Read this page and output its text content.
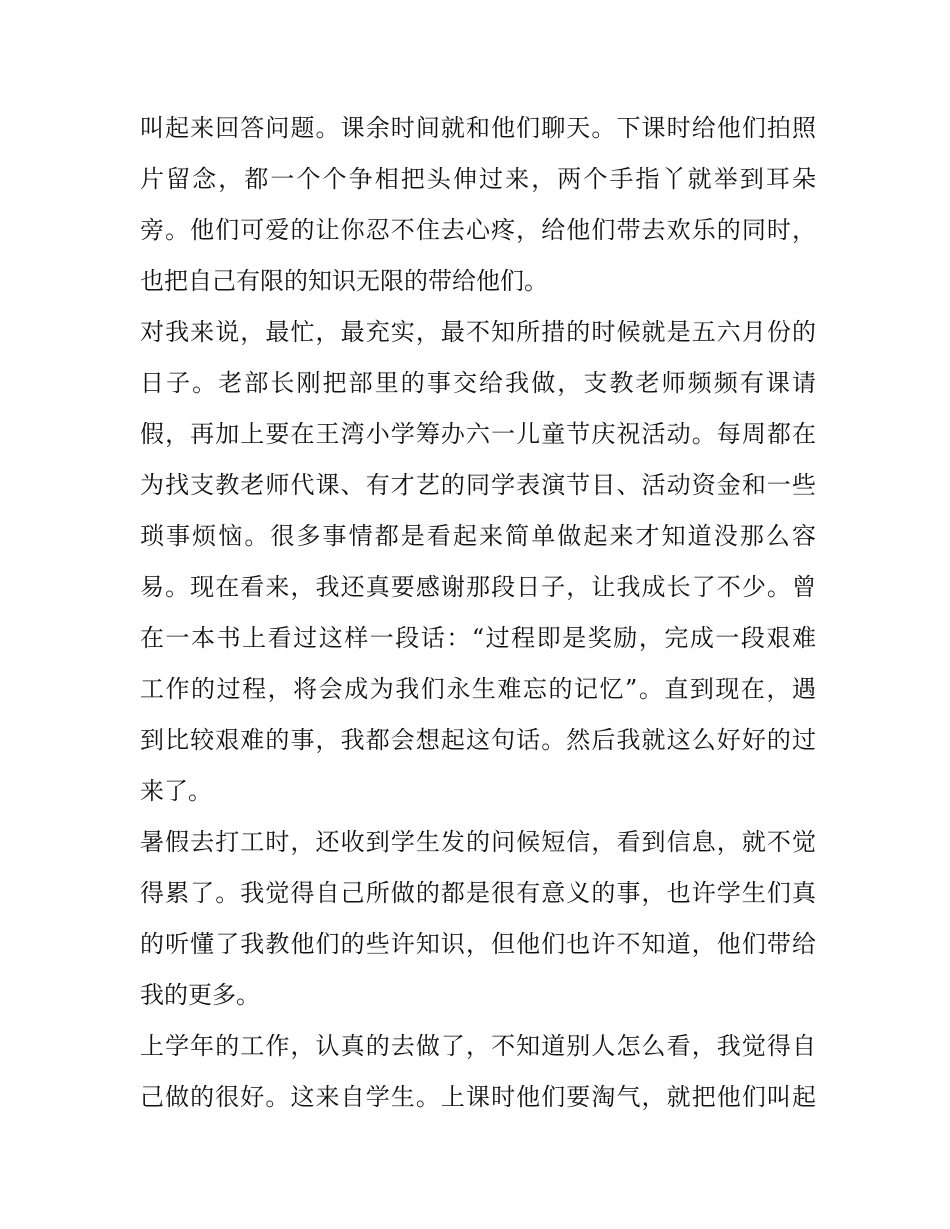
叫起来回答问题。课余时间就和他们聊天。下课时给他们拍照
片留念，都一个个争相把头伸过来，两个手指丫就举到耳朵
旁。他们可爱的让你忍不住去心疼，给他们带去欢乐的同时，
也把自己有限的知识无限的带给他们。
对我来说，最忙，最充实，最不知所措的时候就是五六月份的
日子。老部长刚把部里的事交给我做，支教老师频频有课请
假，再加上要在王湾小学筹办六一儿童节庆祝活动。每周都在
为找支教老师代课、有才艺的同学表演节目、活动资金和一些
琐事烦恼。很多事情都是看起来简单做起来才知道没那么容
易。现在看来，我还真要感谢那段日子，让我成长了不少。曾
在一本书上看过这样一段话：“过程即是奖励，完成一段艰难
工作的过程，将会成为我们永生难忘的记忆”。直到现在，遇
到比较艰难的事，我都会想起这句话。然后我就这么好好的过
来了。
暑假去打工时，还收到学生发的问候短信，看到信息，就不觉
得累了。我觉得自己所做的都是很有意义的事，也许学生们真
的听懂了我教他们的些许知识，但他们也许不知道，他们带给
我的更多。
上学年的工作，认真的去做了，不知道别人怎么看，我觉得自
己做的很好。这来自学生。上课时他们要淘气，就把他们叫起
